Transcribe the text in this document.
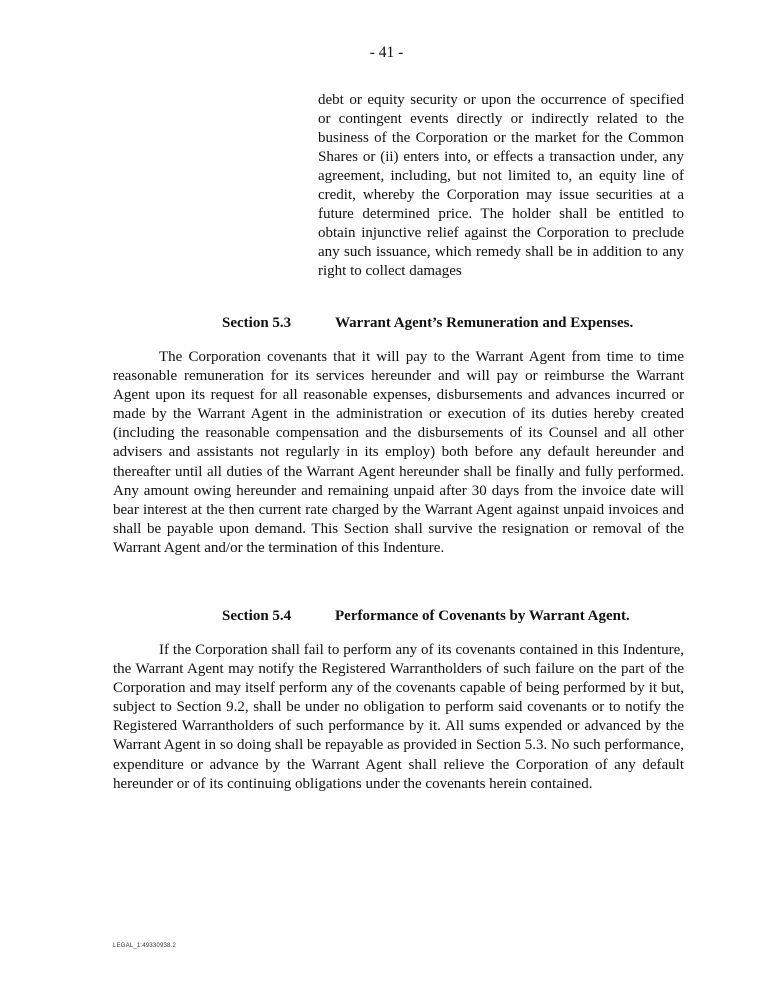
- 41 -
debt or equity security or upon the occurrence of specified or contingent events directly or indirectly related to the business of the Corporation or the market for the Common Shares or (ii) enters into, or effects a transaction under, any agreement, including, but not limited to, an equity line of credit, whereby the Corporation may issue securities at a future determined price. The holder shall be entitled to obtain injunctive relief against the Corporation to preclude any such issuance, which remedy shall be in addition to any right to collect damages
Section 5.3	Warrant Agent’s Remuneration and Expenses.
The Corporation covenants that it will pay to the Warrant Agent from time to time reasonable remuneration for its services hereunder and will pay or reimburse the Warrant Agent upon its request for all reasonable expenses, disbursements and advances incurred or made by the Warrant Agent in the administration or execution of its duties hereby created (including the reasonable compensation and the disbursements of its Counsel and all other advisers and assistants not regularly in its employ) both before any default hereunder and thereafter until all duties of the Warrant Agent hereunder shall be finally and fully performed. Any amount owing hereunder and remaining unpaid after 30 days from the invoice date will bear interest at the then current rate charged by the Warrant Agent against unpaid invoices and shall be payable upon demand. This Section shall survive the resignation or removal of the Warrant Agent and/or the termination of this Indenture.
Section 5.4	Performance of Covenants by Warrant Agent.
If the Corporation shall fail to perform any of its covenants contained in this Indenture, the Warrant Agent may notify the Registered Warrantholders of such failure on the part of the Corporation and may itself perform any of the covenants capable of being performed by it but, subject to Section 9.2, shall be under no obligation to perform said covenants or to notify the Registered Warrantholders of such performance by it. All sums expended or advanced by the Warrant Agent in so doing shall be repayable as provided in Section 5.3. No such performance, expenditure or advance by the Warrant Agent shall relieve the Corporation of any default hereunder or of its continuing obligations under the covenants herein contained.
LEGAL_1:49330938.2
